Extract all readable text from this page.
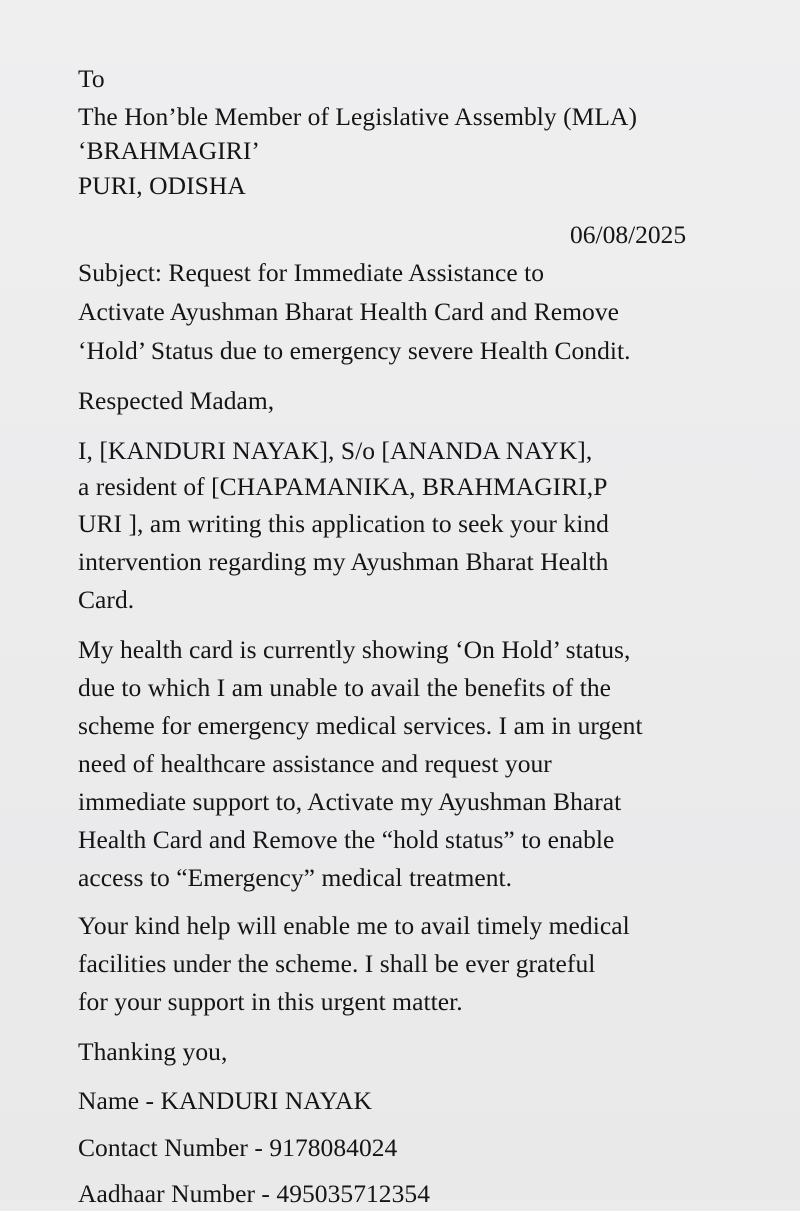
To

The Hon’ble Member of Legislative Assembly (MLA)

‘BRAHMAGIRI’

PURI, ODISHA

06/08/2025

Subject: Request for Immediate Assistance to

Activate Ayushman Bharat Health Card and Remove

‘Hold’ Status due to emergency severe Health Condit.

Respected Madam,

I, [KANDURI NAYAK], S/o [ANANDA NAYK],

a resident of [CHAPAMANIKA, BRAHMAGIRI,P

URI ], am writing this application to seek your kind

intervention regarding my Ayushman Bharat Health

Card.

My health card is currently showing ‘On Hold’ status,

due to which I am unable to avail the benefits of the

scheme for emergency medical services. I am in urgent

need of healthcare assistance and request your

immediate support to, Activate my Ayushman Bharat

Health Card and Remove the “hold status” to enable

access to “Emergency” medical treatment.

Your kind help will enable me to avail timely medical

facilities under the scheme. I shall be ever grateful

for your support in this urgent matter.

Thanking you,

Name - KANDURI NAYAK

Contact Number - 9178084024

Aadhaar Number - 495035712354
